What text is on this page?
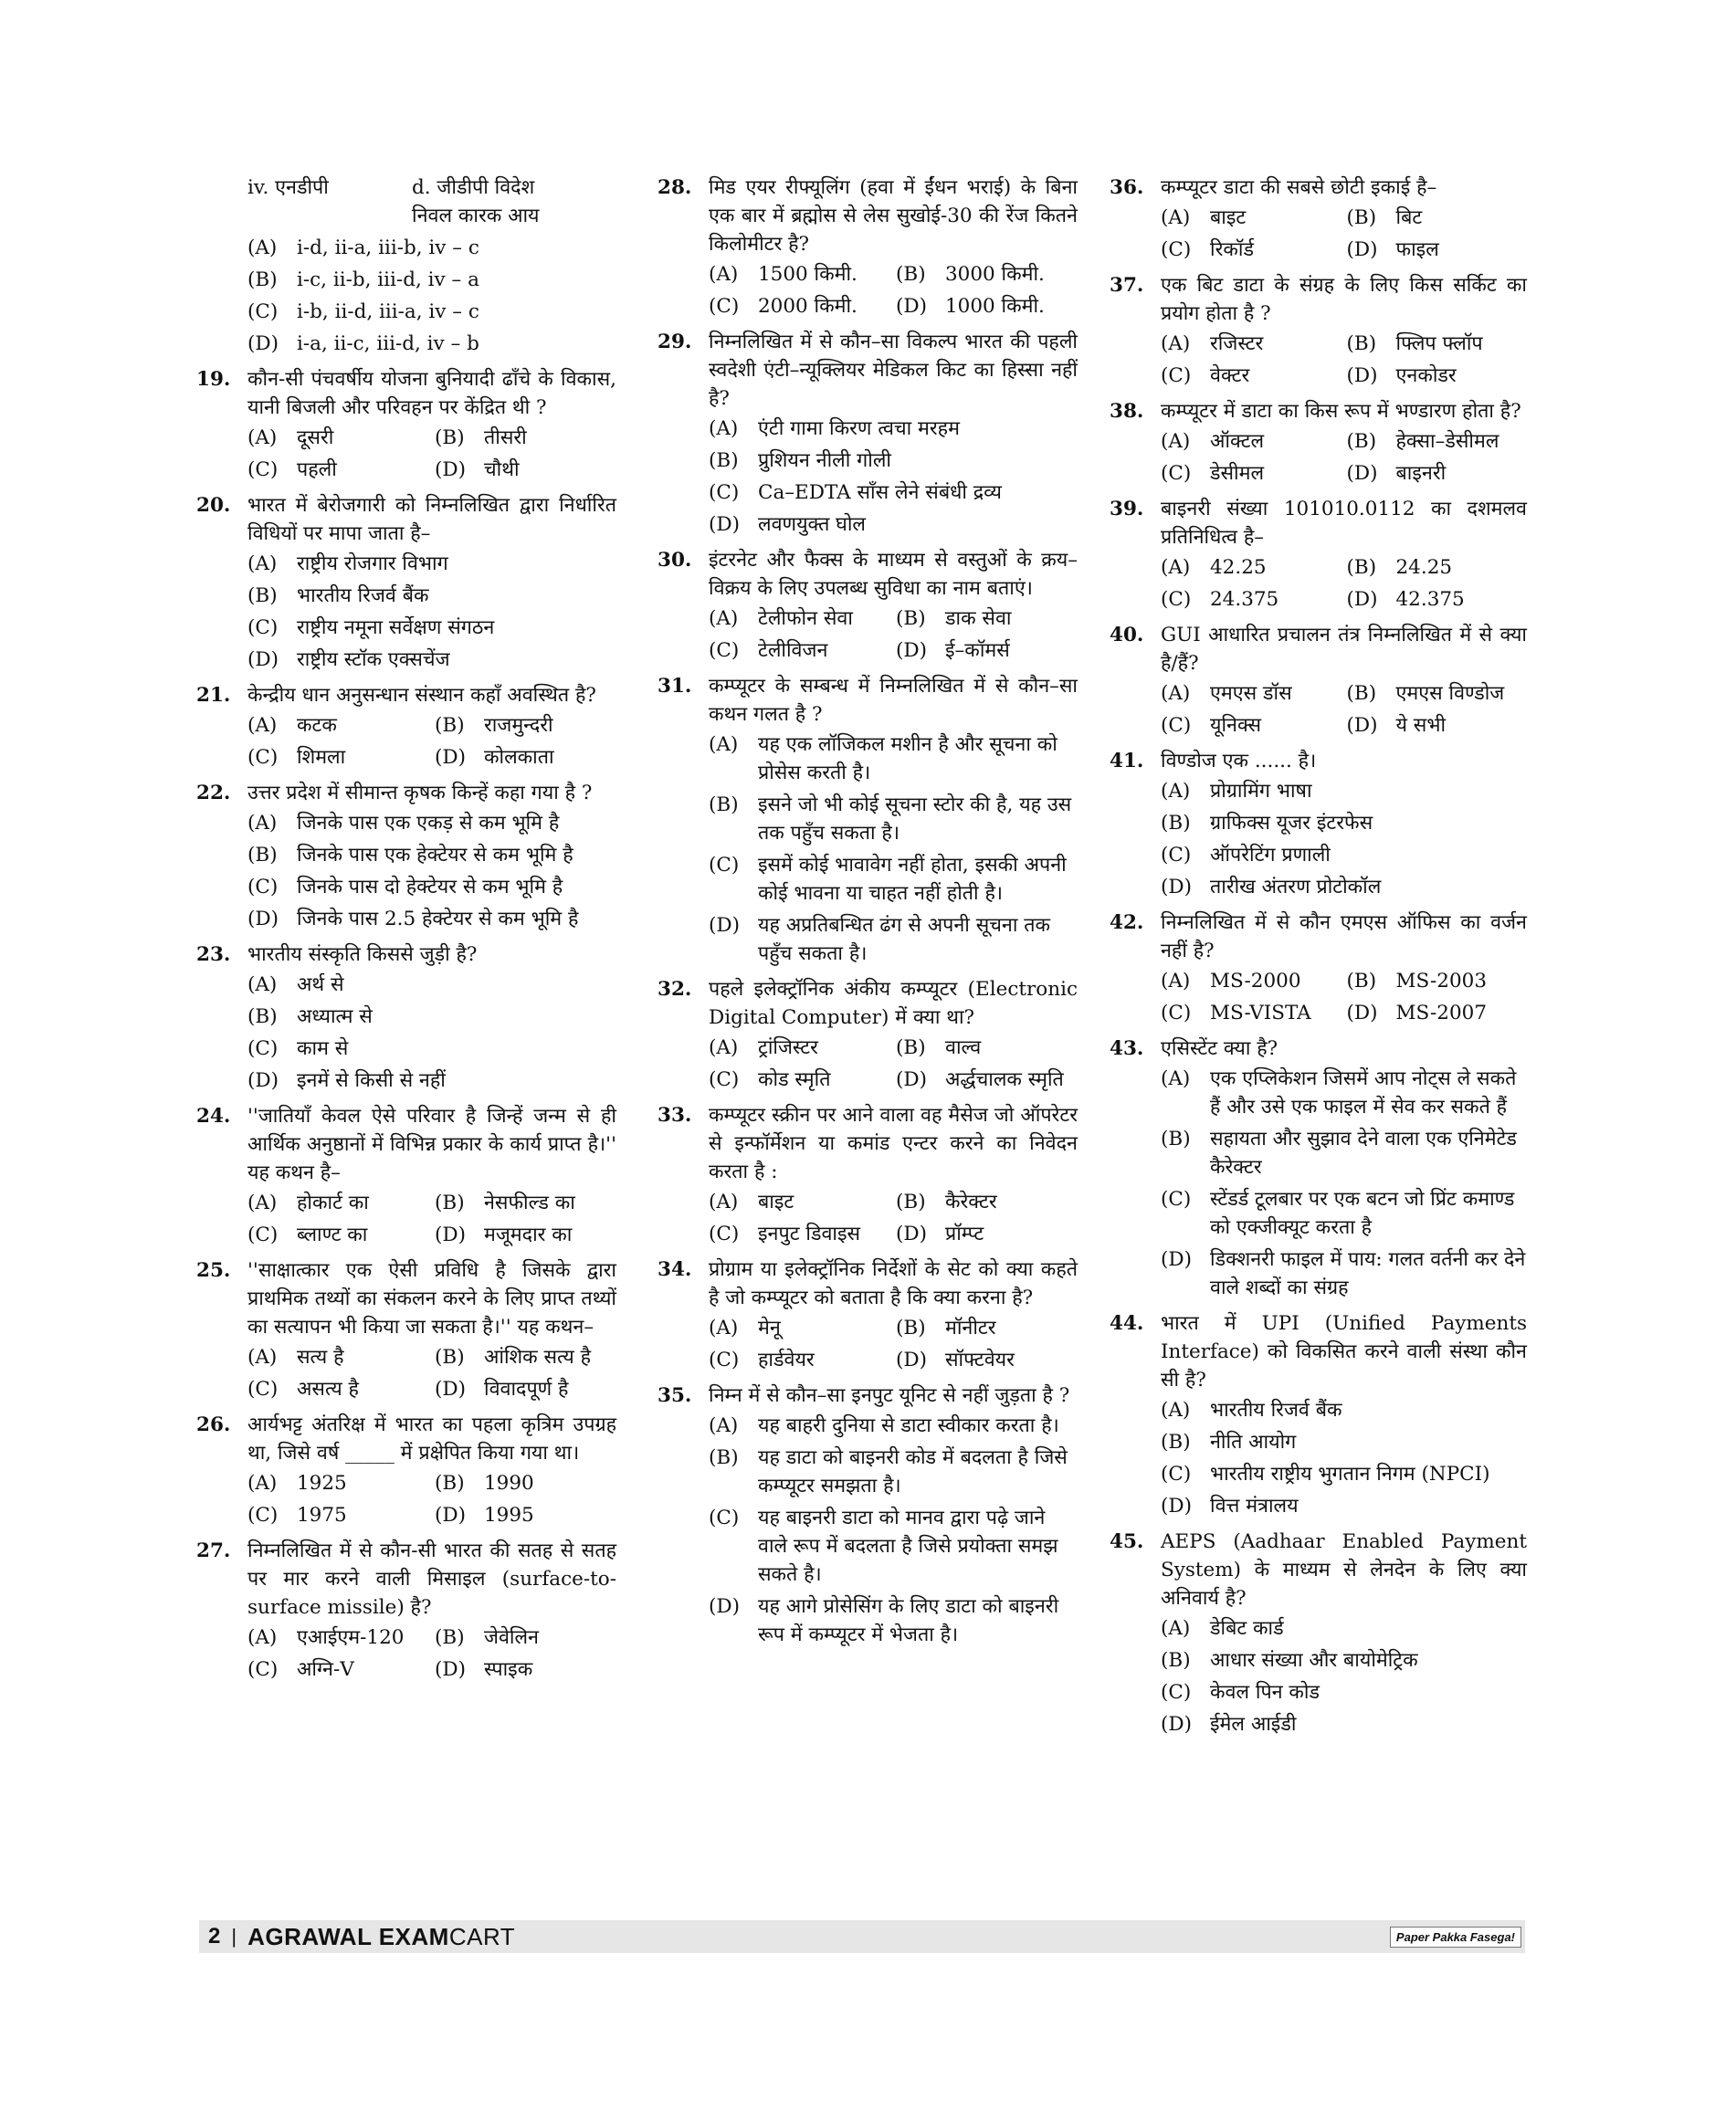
iv. एनडीपी	d. जीडीपी विदेश
निवल कारक आय
(A)	i-d, ii-a, iii-b, iv – c
(B) i-c, ii-b, iii-d, iv – a
(C) i-b, ii-d, iii-a, iv – c
(D) i-a, ii-c, iii-d, iv – b
19. कौन-सी पंचवर्षीय योजना बुनियादी ढाँचे के विकास, यानी बिजली और परिवहन पर केंद्रित थी ?
(A)	दूसरी	(B) तीसरी
(C) पहली	(D) चौथी
20. भारत में बेरोजगारी को निम्नलिखित द्वारा निर्धारित विधियों पर मापा जाता है–
(A)	राष्ट्रीय रोजगार विभाग
(B) भारतीय रिजर्व बैंक
(C) राष्ट्रीय नमूना सर्वेक्षण संगठन
(D) राष्ट्रीय स्टॉक एक्सचेंज
21. केन्द्रीय धान अनुसन्धान संस्थान कहाँ अवस्थित है?
(A)	कटक	(B) राजमुन्दरी
(C) शिमला	(D) कोलकाता
22. उत्तर प्रदेश में सीमान्त कृषक किन्हें कहा गया है ?
(A)	जिनके पास एक एकड़ से कम भूमि है
(B) जिनके पास एक हेक्टेयर से कम भूमि है
(C) जिनके पास दो हेक्टेयर से कम भूमि है
(D) जिनके पास 2.5 हेक्टेयर से कम भूमि है
23. भारतीय संस्कृति किससे जुड़ी है?
(A)	अर्थ से
(B) अध्यात्म से
(C) काम से
(D) इनमें से किसी से नहीं
24. ''जातियाँ केवल ऐसे परिवार है जिन्हें जन्म से ही आर्थिक अनुष्ठानों में विभिन्न प्रकार के कार्य प्राप्त है।'' यह कथन है–
(A)	होकार्ट का	(B) नेसफील्ड का
(C) ब्लाण्ट का	(D) मजूमदार का
25. ''साक्षात्कार एक ऐसी प्रविधि है जिसके द्वारा प्राथमिक तथ्यों का संकलन करने के लिए प्राप्त तथ्यों का सत्यापन भी किया जा सकता है।'' यह कथन–
(A)	सत्य है	(B) आंशिक सत्य है
(C) असत्य है	(D) विवादपूर्ण है
26. आर्यभट्ट अंतरिक्ष में भारत का पहला कृत्रिम उपग्रह था, जिसे वर्ष _____ में प्रक्षेपित किया गया था।
(A)	1925	(B) 1990
(C) 1975	(D) 1995
27. निम्नलिखित में से कौन-सी भारत की सतह से सतह पर मार करने वाली मिसाइल (surface-to-surface missile) है?
(A)	एआईएम-120	(B) जेवेलिन
(C) अग्नि-V	(D) स्पाइक
28. मिड एयर रीफ्यूलिंग (हवा में ईंधन भराई) के बिना एक बार में ब्रह्मोस से लेस सुखोई-30 की रेंज कितने किलोमीटर है?
(A)	1500 किमी.	(B) 3000 किमी.
(C) 2000 किमी.	(D) 1000 किमी.
29. निम्नलिखित में से कौन–सा विकल्प भारत की पहली स्वदेशी एंटी–न्यूक्लियर मेडिकल किट का हिस्सा नहीं है?
(A)	एंटी गामा किरण त्वचा मरहम
(B) प्रुशियन नीली गोली
(C) Ca–EDTA साँस लेने संबंधी द्रव्य
(D) लवणयुक्त घोल
30. इंटरनेट और फैक्स के माध्यम से वस्तुओं के क्रय–विक्रय के लिए उपलब्ध सुविधा का नाम बताएं।
(A)	टेलीफोन सेवा	(B) डाक सेवा
(C) टेलीविजन	(D) ई–कॉमर्स
31. कम्प्यूटर के सम्बन्ध में निम्नलिखित में से कौन–सा कथन गलत है ?
(A)	यह एक लॉजिकल मशीन है और सूचना को प्रोसेस करती है।
(B) इसने जो भी कोई सूचना स्टोर की है, यह उस तक पहुँच सकता है।
(C) इसमें कोई भावावेग नहीं होता, इसकी अपनी कोई भावना या चाहत नहीं होती है।
(D) यह अप्रतिबन्धित ढंग से अपनी सूचना तक पहुँच सकता है।
32. पहले इलेक्ट्रॉनिक अंकीय कम्प्यूटर (Electronic Digital Computer) में क्या था?
(A)	ट्रांजिस्टर	(B) वाल्व
(C) कोड स्मृति	(D) अर्द्धचालक स्मृति
33. कम्प्यूटर स्क्रीन पर आने वाला वह मैसेज जो ऑपरेटर से इन्फॉर्मेशन या कमांड एन्टर करने का निवेदन करता है :
(A)	बाइट	(B) कैरेक्टर
(C) इनपुट डिवाइस	(D) प्रॉम्प्ट
34. प्रोग्राम या इलेक्ट्रॉनिक निर्देशों के सेट को क्या कहते है जो कम्प्यूटर को बताता है कि क्या करना है?
(A)	मेनू	(B) मॉनीटर
(C) हार्डवेयर	(D) सॉफ्टवेयर
35. निम्न में से कौन–सा इनपुट यूनिट से नहीं जुड़ता है ?
(A)	यह बाहरी दुनिया से डाटा स्वीकार करता है।
(B) यह डाटा को बाइनरी कोड में बदलता है जिसे कम्प्यूटर समझता है।
(C) यह बाइनरी डाटा को मानव द्वारा पढ़े जाने वाले रूप में बदलता है जिसे प्रयोक्ता समझ सकते है।
(D) यह आगे प्रोसेसिंग के लिए डाटा को बाइनरी रूप में कम्प्यूटर में भेजता है।
36. कम्प्यूटर डाटा की सबसे छोटी इकाई है–
(A)	बाइट	(B) बिट
(C) रिकॉर्ड	(D) फाइल
37. एक बिट डाटा के संग्रह के लिए किस सर्किट का प्रयोग होता है ?
(A)	रजिस्टर	(B) फ्लिप फ्लॉप
(C) वेक्टर	(D) एनकोडर
38. कम्प्यूटर में डाटा का किस रूप में भण्डारण होता है?
(A)	ऑक्टल	(B) हेक्सा–डेसीमल
(C) डेसीमल	(D) बाइनरी
39. बाइनरी संख्या 101010.0112 का दशमलव प्रतिनिधित्व है–
(A)	42.25	(B) 24.25
(C) 24.375	(D) 42.375
40. GUI आधारित प्रचालन तंत्र निम्नलिखित में से क्या है/हैं?
(A)	एमएस डॉस	(B) एमएस विण्डोज
(C) यूनिक्स	(D) ये सभी
41. विण्डोज एक ...... है।
(A)	प्रोग्रामिंग भाषा
(B) ग्राफिक्स यूजर इंटरफेस
(C) ऑपरेटिंग प्रणाली
(D) तारीख अंतरण प्रोटोकॉल
42. निम्नलिखित में से कौन एमएस ऑफिस का वर्जन नहीं है?
(A)	MS-2000	(B) MS-2003
(C) MS-VISTA	(D) MS-2007
43. एसिस्टेंट क्या है?
(A)	एक एप्लिकेशन जिसमें आप नोट्स ले सकते हैं और उसे एक फाइल में सेव कर सकते हैं
(B) सहायता और सुझाव देने वाला एक एनिमेटेड कैरेक्टर
(C) स्टेंडर्ड टूलबार पर एक बटन जो प्रिंट कमाण्ड को एक्जीक्यूट करता है
(D) डिक्शनरी फाइल में पाय: गलत वर्तनी कर देने वाले शब्दों का संग्रह
44. भारत में UPI (Unified Payments Interface) को विकसित करने वाली संस्था कौन सी है?
(A)	भारतीय रिजर्व बैंक
(B) नीति आयोग
(C) भारतीय राष्ट्रीय भुगतान निगम (NPCI)
(D) वित्त मंत्रालय
45. AEPS (Aadhaar Enabled Payment System) के माध्यम से लेनदेन के लिए क्या अनिवार्य है?
(A)	डेबिट कार्ड
(B) आधार संख्या और बायोमेट्रिक
(C) केवल पिन कोड
(D) ईमेल आईडी
2 | AGRAWAL EXAMCART	Paper Pakka Fasega!
